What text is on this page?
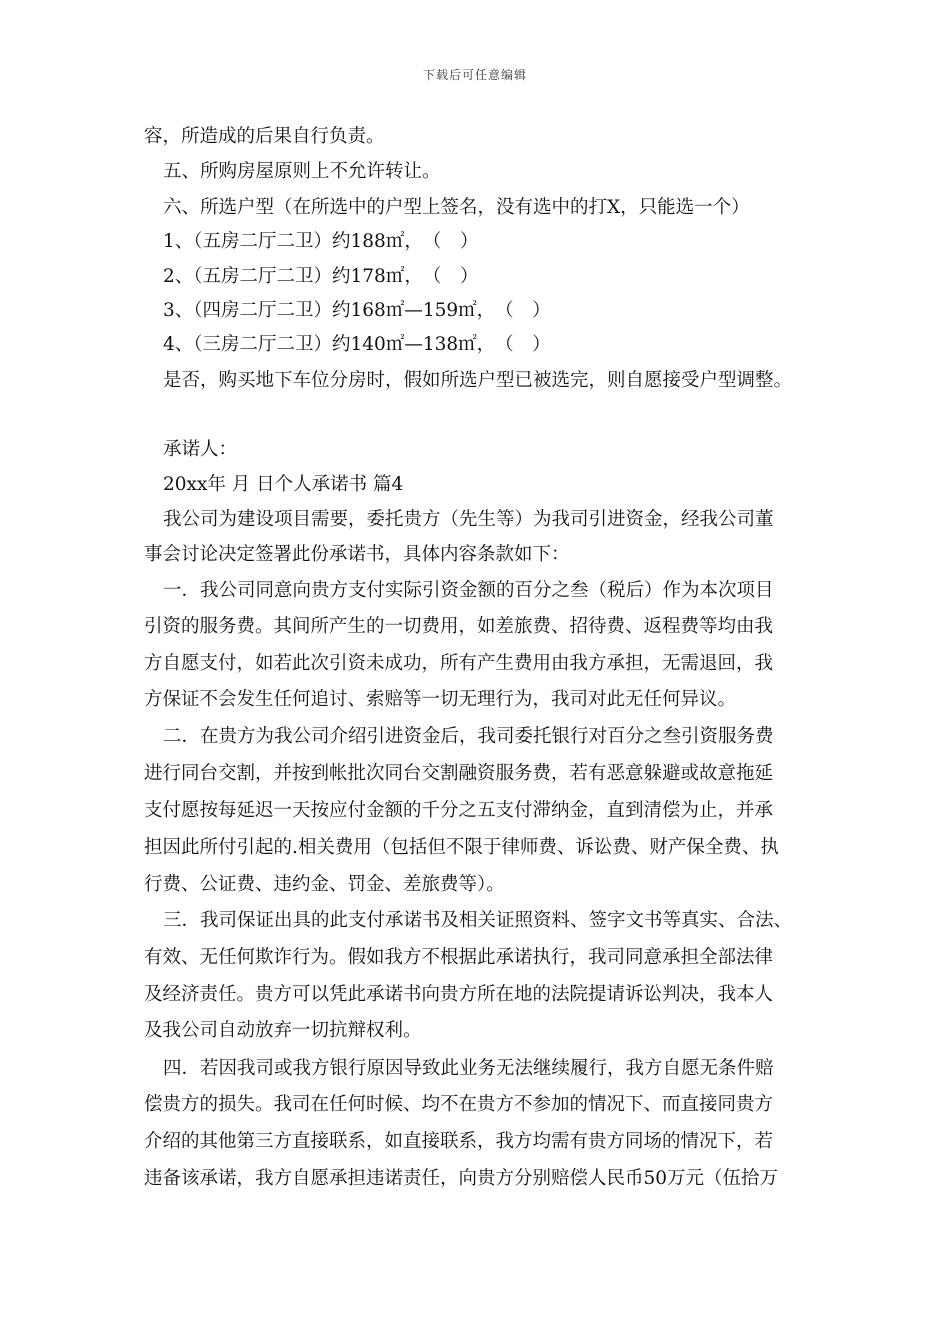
下载后可任意编辑
容，所造成的后果自行负责。
五、所购房屋原则上不允许转让。
六、所选户型（在所选中的户型上签名，没有选中的打X，只能选一个）
1、（五房二厅二卫）约188㎡，　（　）
2、（五房二厅二卫）约178㎡，　（　）
3、（四房二厅二卫）约168㎡—159㎡，　（　）
4、（三房二厅二卫）约140㎡—138㎡，　（　）
是否，购买地下车位分房时，假如所选户型已被选完，则自愿接受户型调整。
承诺人：
20xx年 月 日个人承诺书 篇4
我公司为建设项目需要，委托贵方（先生等）为我司引进资金，经我公司董
事会讨论决定签署此份承诺书，具体内容条款如下：
一．我公司同意向贵方支付实际引资金额的百分之叁（税后）作为本次项目
引资的服务费。其间所产生的一切费用，如差旅费、招待费、返程费等均由我
方自愿支付，如若此次引资未成功，所有产生费用由我方承担，无需退回，我
方保证不会发生任何追讨、索赔等一切无理行为，我司对此无任何异议。
二．在贵方为我公司介绍引进资金后，我司委托银行对百分之叁引资服务费
进行同台交割，并按到帐批次同台交割融资服务费，若有恶意躲避或故意拖延
支付愿按每延迟一天按应付金额的千分之五支付滞纳金，直到清偿为止，并承
担因此所付引起的.相关费用（包括但不限于律师费、诉讼费、财产保全费、执
行费、公证费、违约金、罚金、差旅费等）。
三．我司保证出具的此支付承诺书及相关证照资料、签字文书等真实、合法、
有效、无任何欺诈行为。假如我方不根据此承诺执行，我司同意承担全部法律
及经济责任。贵方可以凭此承诺书向贵方所在地的法院提请诉讼判决，我本人
及我公司自动放弃一切抗辩权利。
四．若因我司或我方银行原因导致此业务无法继续履行，我方自愿无条件赔
偿贵方的损失。我司在任何时候、均不在贵方不参加的情况下、而直接同贵方
介绍的其他第三方直接联系，如直接联系，我方均需有贵方同场的情况下，若
违备该承诺，我方自愿承担违诺责任，向贵方分别赔偿人民币50万元（伍拾万
